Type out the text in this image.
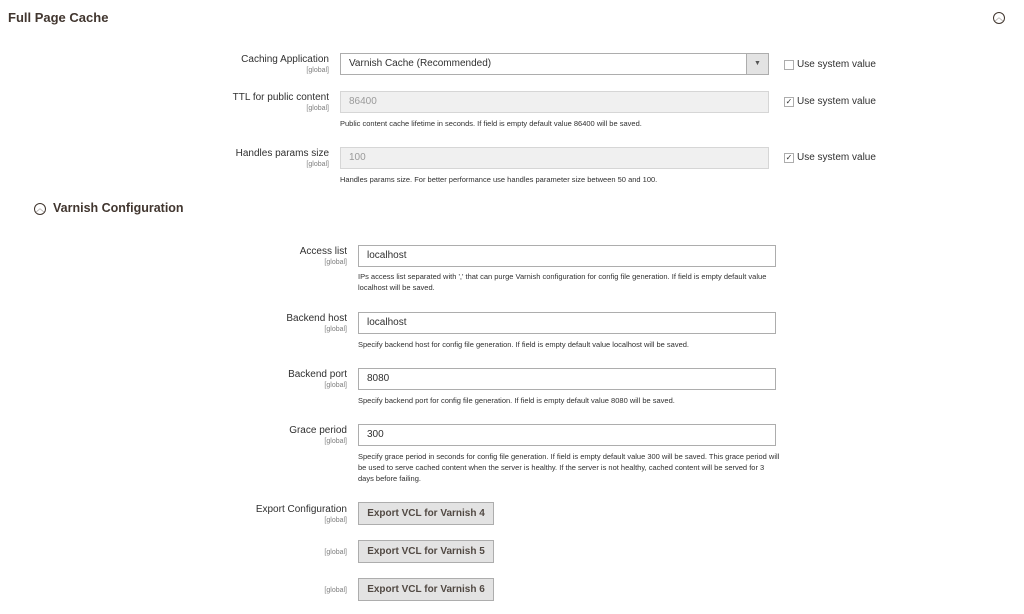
Full Page Cache	︿
Caching Application
[global]
Varnish Cache (Recommended)	▼	Use system value
TTL for public content
[global]
86400
Public content cache lifetime in seconds. If field is empty default value 86400 will be saved.
✓ Use system value
Handles params size
[global]
100
Handles params size. For better performance use handles parameter size between 50 and 100.
✓ Use system value
︿ Varnish Configuration
Access list
[global]
localhost
IPs access list separated with ',' that can purge Varnish configuration for config file generation. If field is empty default value localhost will be saved.
Backend host
[global]
localhost
Specify backend host for config file generation. If field is empty default value localhost will be saved.
Backend port
[global]
8080
Specify backend port for config file generation. If field is empty default value 8080 will be saved.
Grace period
[global]
300
Specify grace period in seconds for config file generation. If field is empty default value 300 will be saved. This grace period will be used to serve cached content when the server is healthy. If the server is not healthy, cached content will be served for 3 days before failing.
Export Configuration
[global]
Export VCL for Varnish 4
[global]	Export VCL for Varnish 5
[global]	Export VCL for Varnish 6
